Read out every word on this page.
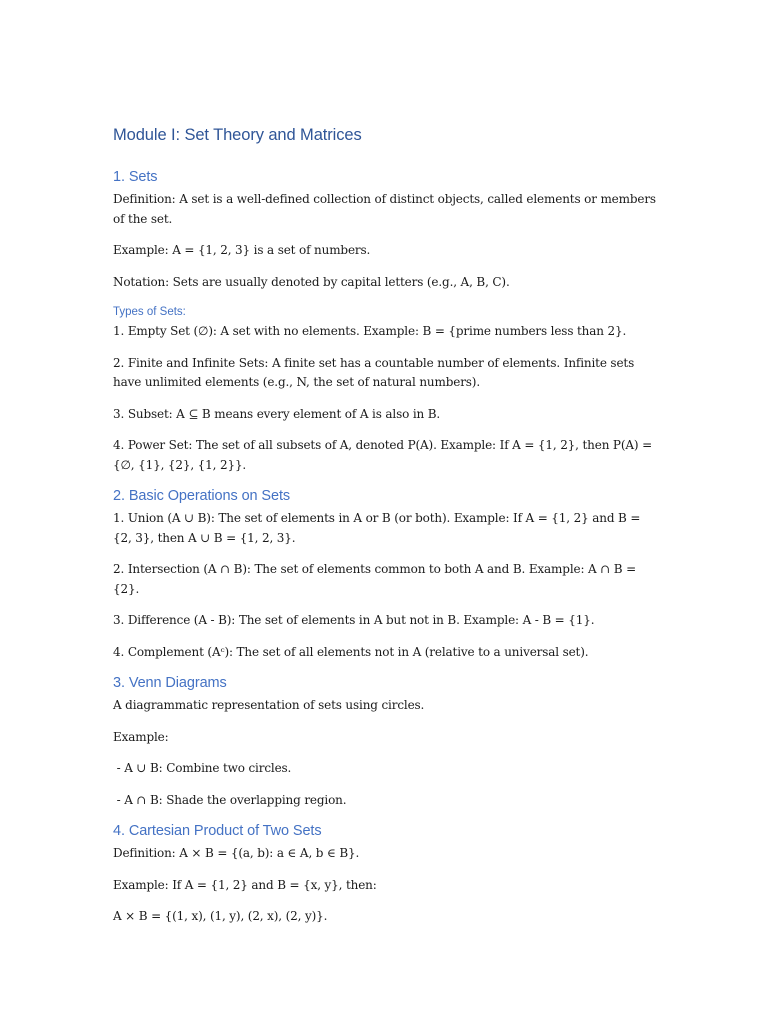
Module I: Set Theory and Matrices
1. Sets
Definition: A set is a well-defined collection of distinct objects, called elements or members of the set.
Example: A = {1, 2, 3} is a set of numbers.
Notation: Sets are usually denoted by capital letters (e.g., A, B, C).
Types of Sets:
1. Empty Set (∅): A set with no elements. Example: B = {prime numbers less than 2}.
2. Finite and Infinite Sets: A finite set has a countable number of elements. Infinite sets have unlimited elements (e.g., N, the set of natural numbers).
3. Subset: A ⊆ B means every element of A is also in B.
4. Power Set: The set of all subsets of A, denoted P(A). Example: If A = {1, 2}, then P(A) = {∅, {1}, {2}, {1, 2}}.
2. Basic Operations on Sets
1. Union (A ∪ B): The set of elements in A or B (or both). Example: If A = {1, 2} and B = {2, 3}, then A ∪ B = {1, 2, 3}.
2. Intersection (A ∩ B): The set of elements common to both A and B. Example: A ∩ B = {2}.
3. Difference (A - B): The set of elements in A but not in B. Example: A - B = {1}.
4. Complement (Aᶜ): The set of all elements not in A (relative to a universal set).
3. Venn Diagrams
A diagrammatic representation of sets using circles.
Example:
- A ∪ B: Combine two circles.
- A ∩ B: Shade the overlapping region.
4. Cartesian Product of Two Sets
Definition: A × B = {(a, b): a ∈ A, b ∈ B}.
Example: If A = {1, 2} and B = {x, y}, then:
A × B = {(1, x), (1, y), (2, x), (2, y)}.
